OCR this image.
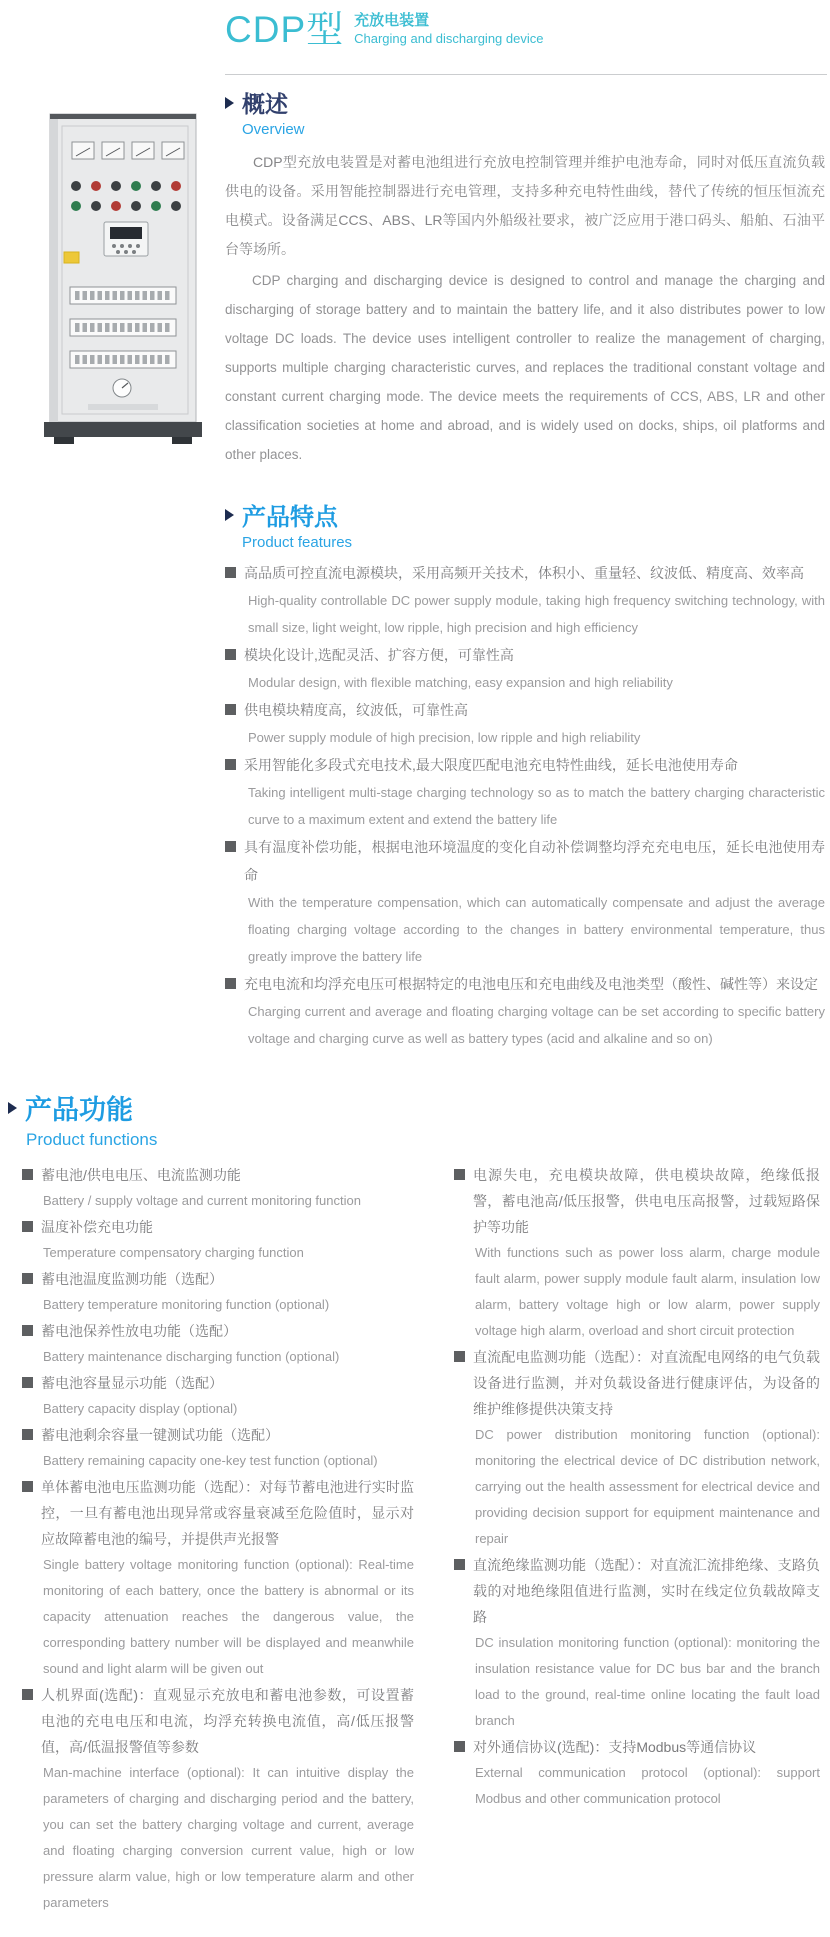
CDP型 充放电装置
Charging and discharging device
概述
Overview

CDP型充放电装置是对蓄电池组进行充放电控制管理并维护电池寿命，同时对低压直流负载供电的设备。采用智能控制器进行充电管理，支持多种充电特性曲线，替代了传统的恒压恒流充电模式。设备满足CCS、ABS、LR等国内外船级社要求，被广泛应用于港口码头、船舶、石油平台等场所。

CDP charging and discharging device is designed to control and manage the charging and discharging of storage battery and to maintain the battery life, and it also distributes power to low voltage DC loads. The device uses intelligent controller to realize the management of charging, supports multiple charging characteristic curves, and replaces the traditional constant voltage and constant current charging mode. The device meets the requirements of CCS, ABS, LR and other classification societies at home and abroad, and is widely used on docks, ships, oil platforms and other places.

产品特点
Product features
高品质可控直流电源模块，采用高频开关技术，体积小、重量轻、纹波低、精度高、效率高
High-quality controllable DC power supply module, taking high frequency switching technology, with small size, light weight, low ripple, high precision and high efficiency
模块化设计,选配灵活、扩容方便，可靠性高
Modular design, with flexible matching, easy expansion and high reliability
供电模块精度高，纹波低，可靠性高
Power supply module of high precision, low ripple and high reliability
采用智能化多段式充电技术,最大限度匹配电池充电特性曲线，延长电池使用寿命
Taking intelligent multi-stage charging technology so as to match the battery charging characteristic curve to a maximum extent and extend the battery life
具有温度补偿功能，根据电池环境温度的变化自动补偿调整均浮充充电电压，延长电池使用寿命
With the temperature compensation, which can automatically compensate and adjust the average floating charging voltage according to the changes in battery environmental temperature, thus greatly improve the battery life
充电电流和均浮充电压可根据特定的电池电压和充电曲线及电池类型（酸性、碱性等）来设定
Charging current and average and floating charging voltage can be set according to specific battery voltage and charging curve as well as battery types (acid and alkaline and so on)
产品功能
Product functions
蓄电池/供电电压、电流监测功能
Battery / supply voltage and current monitoring function
温度补偿充电功能
Temperature compensatory charging function
蓄电池温度监测功能（选配）
Battery temperature monitoring function (optional)
蓄电池保养性放电功能（选配）
Battery maintenance discharging function (optional)
蓄电池容量显示功能（选配）
Battery capacity display (optional)
蓄电池剩余容量一键测试功能（选配）
Battery remaining capacity one-key test function (optional)
单体蓄电池电压监测功能（选配）：对每节蓄电池进行实时监控，一旦有蓄电池出现异常或容量衰减至危险值时，显示对应故障蓄电池的编号，并提供声光报警
Single battery voltage monitoring function (optional): Real-time monitoring of each battery, once the battery is abnormal or its capacity attenuation reaches the dangerous value, the corresponding battery number will be displayed and meanwhile sound and light alarm will be given out
人机界面(选配)：直观显示充放电和蓄电池参数，可设置蓄电池的充电电压和电流，均浮充转换电流值，高/低压报警值，高/低温报警值等参数
Man-machine interface (optional): It can intuitive display the parameters of charging and discharging period and the battery, you can set the battery charging voltage and current, average and floating charging conversion current value, high or low pressure alarm value, high or low temperature alarm and other parameters
电源失电，充电模块故障，供电模块故障，绝缘低报警，蓄电池高/低压报警，供电电压高报警，过载短路保护等功能
With functions such as power loss alarm, charge module fault alarm, power supply module fault alarm, insulation low alarm, battery voltage high or low alarm, power supply voltage high alarm, overload and short circuit protection
直流配电监测功能（选配）：对直流配电网络的电气负载设备进行监测，并对负载设备进行健康评估，为设备的维护维修提供决策支持
DC power distribution monitoring function (optional): monitoring the electrical device of DC distribution network, carrying out the health assessment for electrical device and providing decision support for equipment maintenance and repair
直流绝缘监测功能（选配）：对直流汇流排绝缘、支路负载的对地绝缘阻值进行监测，实时在线定位负载故障支路
DC insulation monitoring function (optional): monitoring the insulation resistance value for DC bus bar and the branch load to the ground, real-time online locating the fault load branch
对外通信协议(选配)：支持Modbus等通信协议
External communication protocol (optional): support Modbus and other communication protocol
